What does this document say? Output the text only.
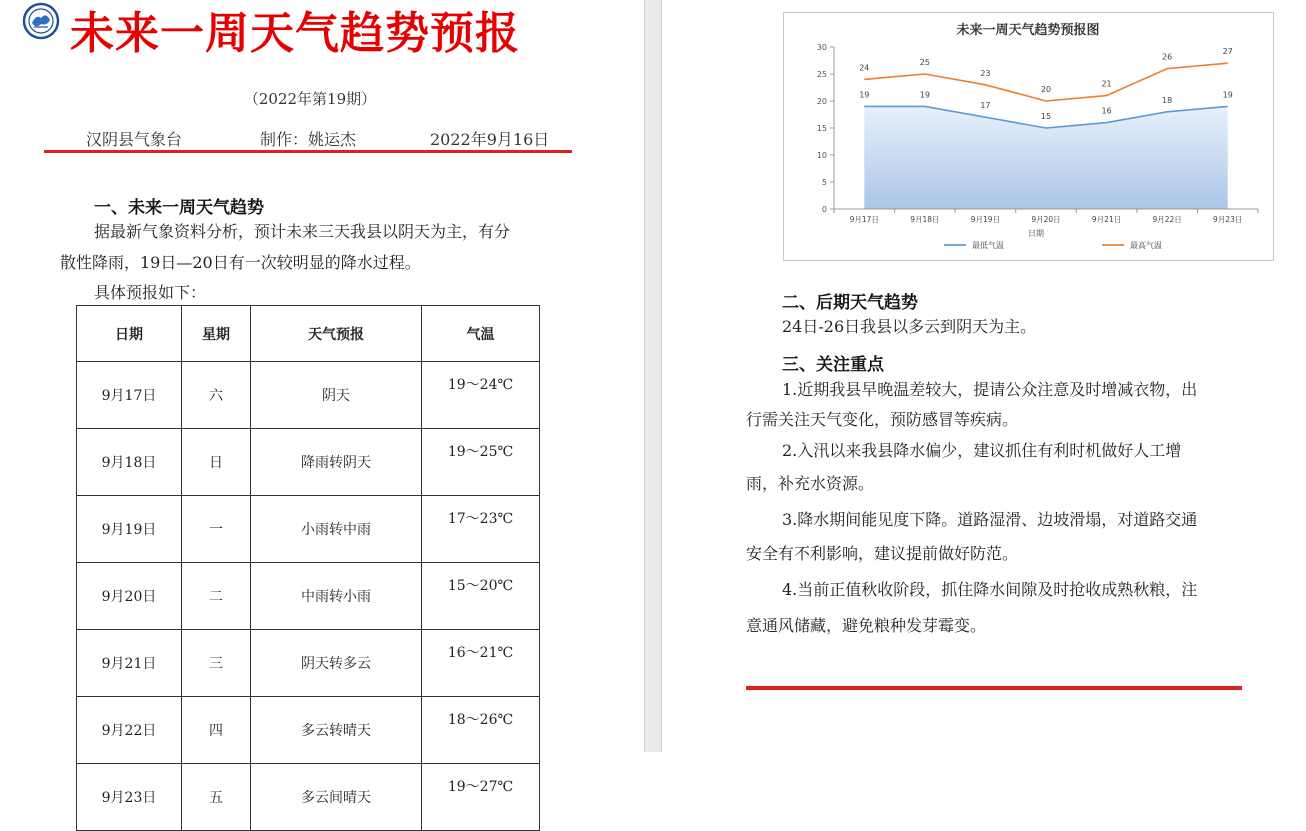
未来一周天气趋势预报
（2022年第19期）
汉阴县气象台	制作：姚运杰	2022年9月16日
一、未来一周天气趋势
据最新气象资料分析，预计未来三天我县以阴天为主，有分
散性降雨，19日—20日有一次较明显的降水过程。
具体预报如下：
日期	星期	天气预报	气温
9月17日	六	阴天	19～24℃
9月18日	日	降雨转阴天	19～25℃
9月19日	一	小雨转中雨	17～23℃
9月20日	二	中雨转小雨	15～20℃
9月21日	三	阴天转多云	16～21℃
9月22日	四	多云转晴天	18～26℃
9月23日	五	多云间晴天	19～27℃
未来一周天气趋势预报图
0
5
10
15
20
25
30
9月17日	9月18日	9月19日	9月20日	9月21日	9月22日	9月23日
日期
19	19
17
15
16
18
19
24
25
23
20
21
26
27
最低气温	最高气温
二、后期天气趋势
24日-26日我县以多云到阴天为主。
三、关注重点
1.近期我县早晚温差较大，提请公众注意及时增减衣物，出
行需关注天气变化，预防感冒等疾病。
2.入汛以来我县降水偏少，建议抓住有利时机做好人工增
雨，补充水资源。
3.降水期间能见度下降。道路湿滑、边坡滑塌，对道路交通
安全有不利影响，建议提前做好防范。
4.当前正值秋收阶段，抓住降水间隙及时抢收成熟秋粮，注
意通风储藏，避免粮种发芽霉变。
